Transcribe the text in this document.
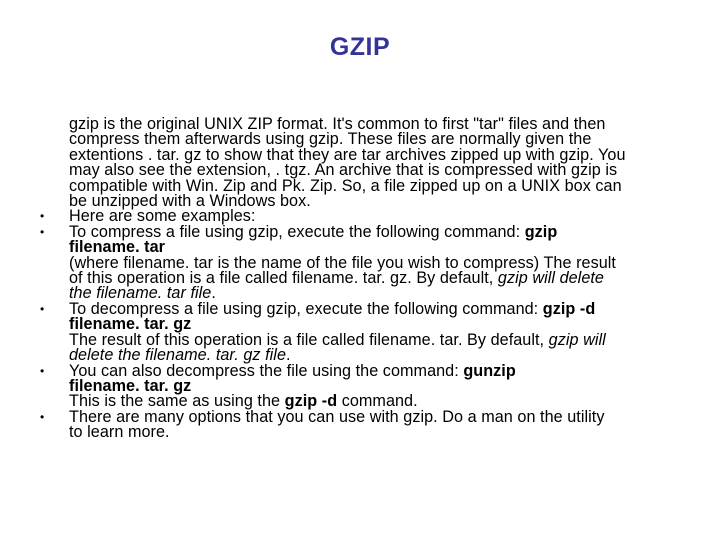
GZIP
gzip is the original UNIX ZIP format. It's common to first "tar" files and then
compress them afterwards using gzip. These files are normally given the
extentions . tar. gz to show that they are tar archives zipped up with gzip. You
may also see the extension, . tgz. An archive that is compressed with gzip is
compatible with Win. Zip and Pk. Zip. So, a file zipped up on a UNIX box can
be unzipped with a Windows box.
•	Here are some examples:
•	To compress a file using gzip, execute the following command: gzip
filename. tar
(where filename. tar is the name of the file you wish to compress) The result
of this operation is a file called filename. tar. gz. By default, gzip will delete
the filename. tar file.
•	To decompress a file using gzip, execute the following command: gzip -d
filename. tar. gz
The result of this operation is a file called filename. tar. By default, gzip will
delete the filename. tar. gz file.
•	You can also decompress the file using the command: gunzip
filename. tar. gz
This is the same as using the gzip -d command.
•	There are many options that you can use with gzip. Do a man on the utility
to learn more.
